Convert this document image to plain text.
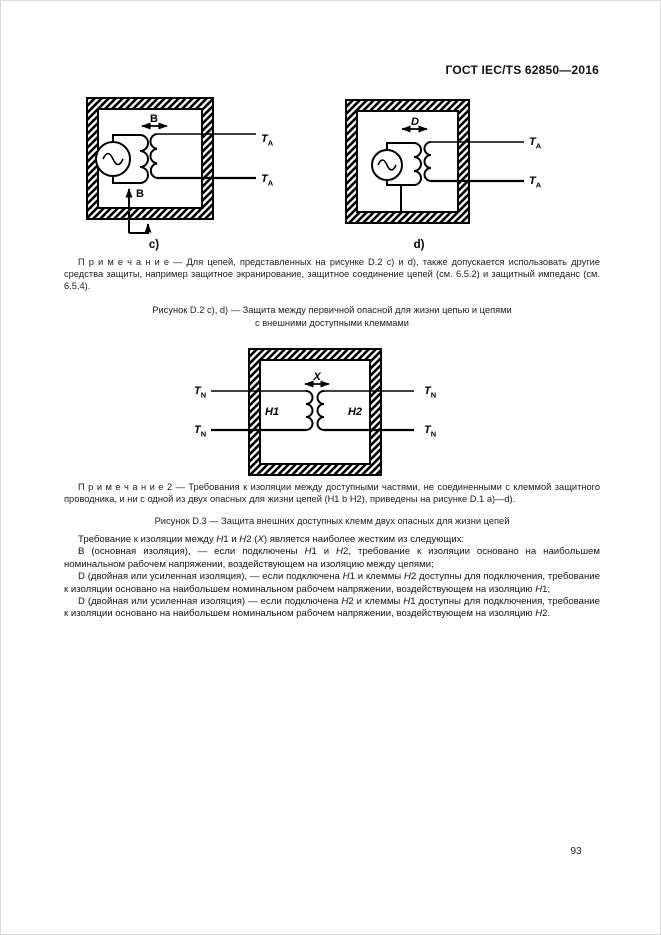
ГОСТ IEC/TS 62850—2016
B
B
$T_A$
$T_A$
c)
D
$T_A$
$T_A$
d)
П р и м е ч а н и е — Для цепей, представленных на рисунке D.2 c) и d), также допускается использовать другие средства защиты, например защитное экранирование, защитное соединение цепей (см. 6.5.2) и защитный импеданс (см. 6.5.4).
Рисунок D.2 c), d) — Защита между первичной опасной для жизни цепью и цепями
с внешними доступными клеммами
X
H1	H2
$T_N$
$T_N$
$T_N$
$T_N$
П р и м е ч а н и е 2 — Требования к изоляции между доступными частями, не соединенными с клеммой защитного проводника, и ни с одной из двух опасных для жизни цепей (H1 b H2), приведены на рисунке D.1 a)—d).
Рисунок D.3 — Защита внешних доступных клемм двух опасных для жизни цепей

Требование к изоляции между H1 и H2 (X) является наиболее жестким из следующих:

В (основная изоляция), — если подключены H1 и H2, требование к изоляции основано на наибольшем номинальном рабочем напряжении, воздействующем на изоляцию между цепями;

D (двойная или усиленная изоляция), — если подключена H1 и клеммы H2 доступны для подключения, требование к изоляции основано на наибольшем номинальном рабочем напряжении, воздействующем на изоляцию H1;

D (двойная или усиленная изоляция) — если подключена H2 и клеммы H1 доступны для подключения, требование к изоляции основано на наибольшем номинальном рабочем напряжении, воздействующем на изоляцию H2.

93
